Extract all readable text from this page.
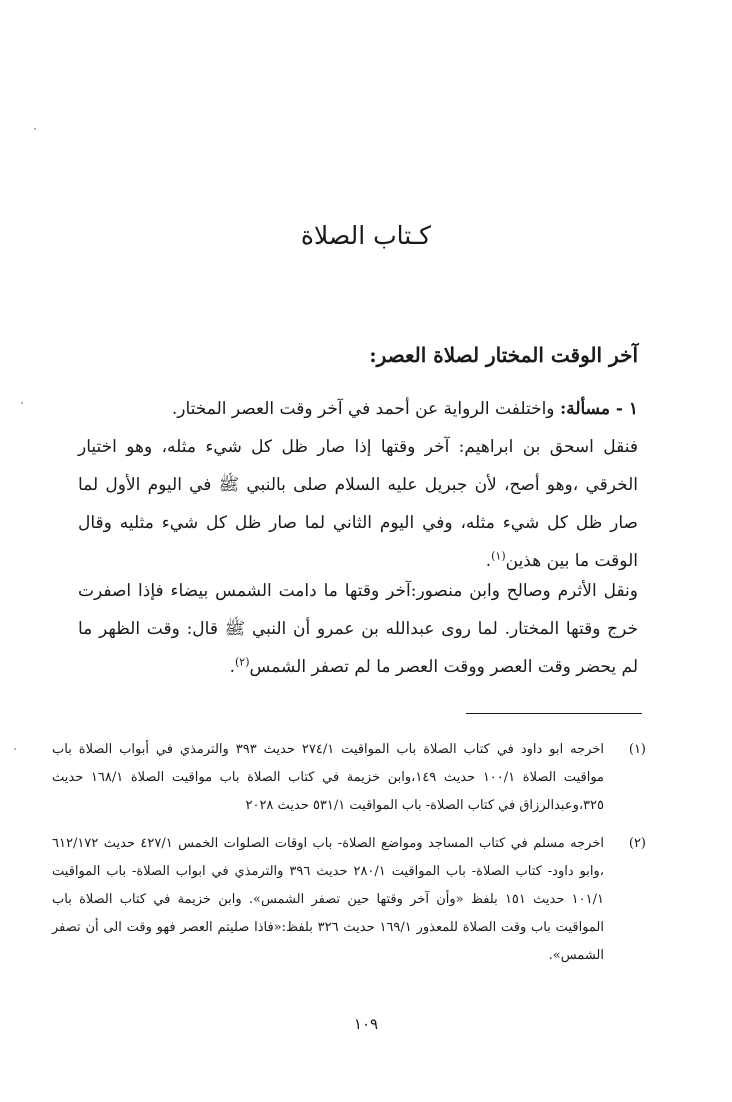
كـتاب الصلاة
آخر الوقت المختار لصلاة العصر:

١ - مسألة: واختلفت الرواية عن أحمد في آخر وقت العصر المختار.

فنقل اسحق بن ابراهيم: آخر وقتها إذا صار ظل كل شيء مثله، وهو اختيار الخرقي ،وهو أصح، لأن جبريل عليه السلام صلى بالنبي ﷺ في اليوم الأول لما صار ظل كل شيء مثله، وفي اليوم الثاني لما صار ظل كل شيء مثليه وقال الوقت ما بين هذين$^{(١)}$.

ونقل الأثرم وصالح وابن منصور:آخر وقتها ما دامت الشمس بيضاء فإذا اصفرت خرج وقتها المختار. لما روى عبدالله بن عمرو أن النبي ﷺ قال: وقت الظهر ما لم يحضر وقت العصر ووقت العصر ما لم تصفر الشمس$^{(٢)}$.

(١)
اخرجه ابو داود في كتاب الصلاة باب المواقيت ٢٧٤/١ حديث ٣٩٣ والترمذي في أبواب الصلاة باب مواقيت الصلاة ١٠٠/١ حديث ١٤٩،وابن خزيمة في كتاب الصلاة باب مواقيت الصلاة ١٦٨/١ حديث ٣٢٥،وعبدالرزاق في كتاب الصلاة- باب المواقيت ٥٣١/١ حديث ٢٠٢٨
(٢)
اخرجه مسلم في كتاب المساجد ومواضع الصلاة- باب اوقات الصلوات الخمس ٤٢٧/١ حديث ٦١٢/١٧٢ ،وابو داود- كتاب الصلاة- باب المواقيت ٢٨٠/١ حديث ٣٩٦ والترمذي في ابواب الصلاة- باب المواقيت ١٠١/١ حديث ١٥١ بلفظ «وأن آخر وقتها حين تصفر الشمس». وابن خزيمة في كتاب الصلاة باب المواقيت باب وقت الصلاة للمعذور ١٦٩/١ حديث ٣٢٦ بلفظ:«فاذا صليتم العصر فهو وقت الى أن تصفر الشمس».
١٠٩
